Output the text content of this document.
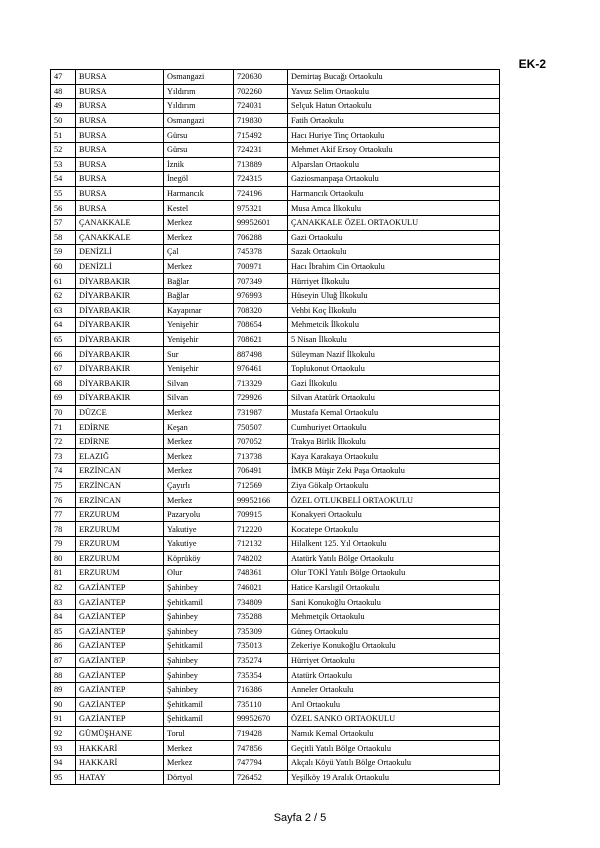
EK-2
47	BURSA	Osmangazi	720630	Demirtaş Bucağı Ortaokulu
48	BURSA	Yıldırım	702260	Yavuz Selim Ortaokulu
49	BURSA	Yıldırım	724031	Selçuk Hatun Ortaokulu
50	BURSA	Osmangazi	719830	Fatih Ortaokulu
51	BURSA	Gürsu	715492	Hacı Huriye Tinç Ortaokulu
52	BURSA	Gürsu	724231	Mehmet Akif Ersoy Ortaokulu
53	BURSA	İznik	713889	Alparslan Ortaokulu
54	BURSA	İnegöl	724315	Gaziosmanpaşa Ortaokulu
55	BURSA	Harmancık	724196	Harmancık Ortaokulu
56	BURSA	Kestel	975321	Musa Amca İlkokulu
57	ÇANAKKALE	Merkez	99952601	ÇANAKKALE ÖZEL ORTAOKULU
58	ÇANAKKALE	Merkez	706288	Gazi Ortaokulu
59	DENİZLİ	Çal	745378	Sazak Ortaokulu
60	DENİZLİ	Merkez	700971	Hacı İbrahim Cin Ortaokulu
61	DİYARBAKIR	Bağlar	707349	Hürriyet İlkokulu
62	DİYARBAKIR	Bağlar	976993	Hüseyin Uluğ İlkokulu
63	DİYARBAKIR	Kayapınar	708320	Vehbi Koç İlkokulu
64	DİYARBAKIR	Yenişehir	708654	Mehmetcik İlkokulu
65	DİYARBAKIR	Yenişehir	708621	5 Nisan İlkokulu
66	DİYARBAKIR	Sur	887498	Süleyman Nazif İlkokulu
67	DİYARBAKIR	Yenişehir	976461	Toplukonut Ortaokulu
68	DİYARBAKIR	Silvan	713329	Gazi İlkokulu
69	DİYARBAKIR	Silvan	729926	Silvan Atatürk Ortaokulu
70	DÜZCE	Merkez	731987	Mustafa Kemal Ortaokulu
71	EDİRNE	Keşan	750507	Cumhuriyet Ortaokulu
72	EDİRNE	Merkez	707052	Trakya Birlik İlkokulu
73	ELAZIĞ	Merkez	713738	Kaya Karakaya Ortaokulu
74	ERZİNCAN	Merkez	706491	İMKB Müşir Zeki Paşa Ortaokulu
75	ERZİNCAN	Çayırlı	712569	Ziya Gökalp Ortaokulu
76	ERZİNCAN	Merkez	99952166	ÖZEL OTLUKBELİ ORTAOKULU
77	ERZURUM	Pazaryolu	709915	Konakyeri Ortaokulu
78	ERZURUM	Yakutiye	712220	Kocatepe Ortaokulu
79	ERZURUM	Yakutiye	712132	Hilalkent 125. Yıl Ortaokulu
80	ERZURUM	Köprüköy	748202	Atatürk Yatılı Bölge Ortaokulu
81	ERZURUM	Olur	748361	Olur TOKİ Yatılı Bölge Ortaokulu
82	GAZİANTEP	Şahinbey	746021	Hatice Karslıgil Ortaokulu
83	GAZİANTEP	Şehitkamil	734809	Sani Konukoğlu Ortaokulu
84	GAZİANTEP	Şahinbey	735288	Mehmetçik Ortaokulu
85	GAZİANTEP	Şahinbey	735309	Güneş Ortaokulu
86	GAZİANTEP	Şehitkamil	735013	Zekeriye Konukoğlu Ortaokulu
87	GAZİANTEP	Şahinbey	735274	Hürriyet Ortaokulu
88	GAZİANTEP	Şahinbey	735354	Atatürk Ortaokulu
89	GAZİANTEP	Şahinbey	716386	Anneler Ortaokulu
90	GAZİANTEP	Şehitkamil	735110	Arıl Ortaokulu
91	GAZİANTEP	Şehitkamil	99952670	ÖZEL SANKO ORTAOKULU
92	GÜMÜŞHANE	Torul	719428	Namık Kemal Ortaokulu
93	HAKKARİ	Merkez	747856	Geçitli Yatılı Bölge Ortaokulu
94	HAKKARİ	Merkez	747794	Akçalı Köyü Yatılı Bölge Ortaokulu
95	HATAY	Dörtyol	726452	Yeşilköy 19 Aralık Ortaokulu
Sayfa 2 / 5
